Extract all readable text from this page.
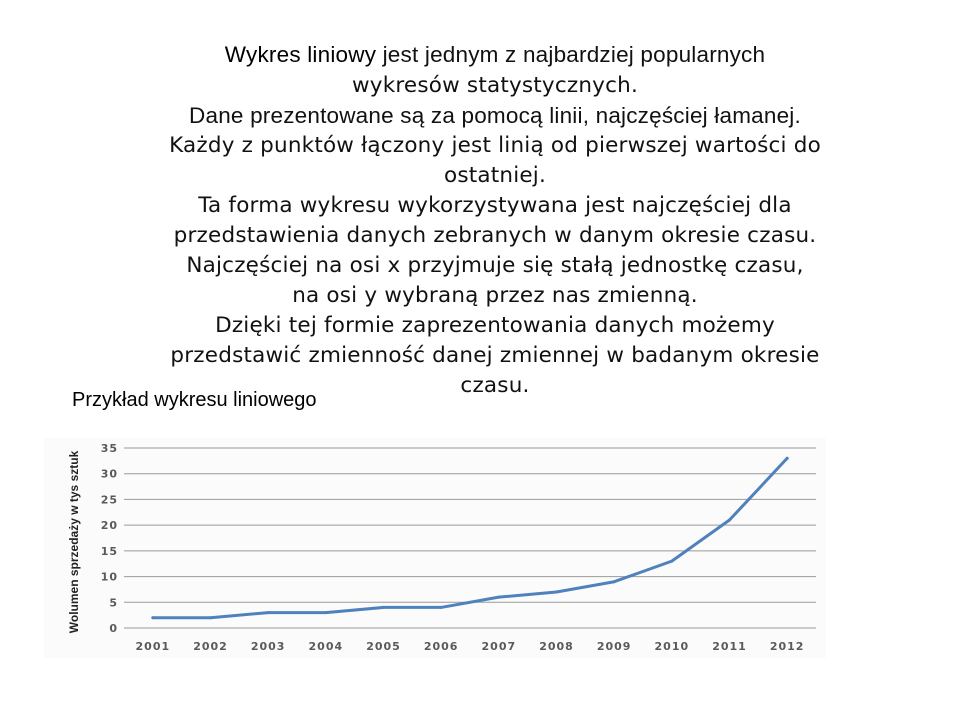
Wykres liniowy jest jednym z najbardziej popularnych
wykresów statystycznych.
Dane prezentowane są za pomocą linii, najczęściej łamanej.
Każdy z punktów łączony jest linią od pierwszej wartości do
ostatniej.
Ta forma wykresu wykorzystywana jest najczęściej dla
przedstawienia danych zebranych w danym okresie czasu.
Najczęściej na osi x przyjmuje się stałą jednostkę czasu,
na osi y wybraną przez nas zmienną.
Dzięki tej formie zaprezentowania danych możemy
przedstawić zmienność danej zmiennej w badanym okresie
czasu.
Przykład wykresu liniowego
0
5
10
15
20
25
30
35
2001 2002 2003 2004 2005 2006 2007 2008 2009 2010 2011 2012
Wolumen sprzedaży w tys sztuk
